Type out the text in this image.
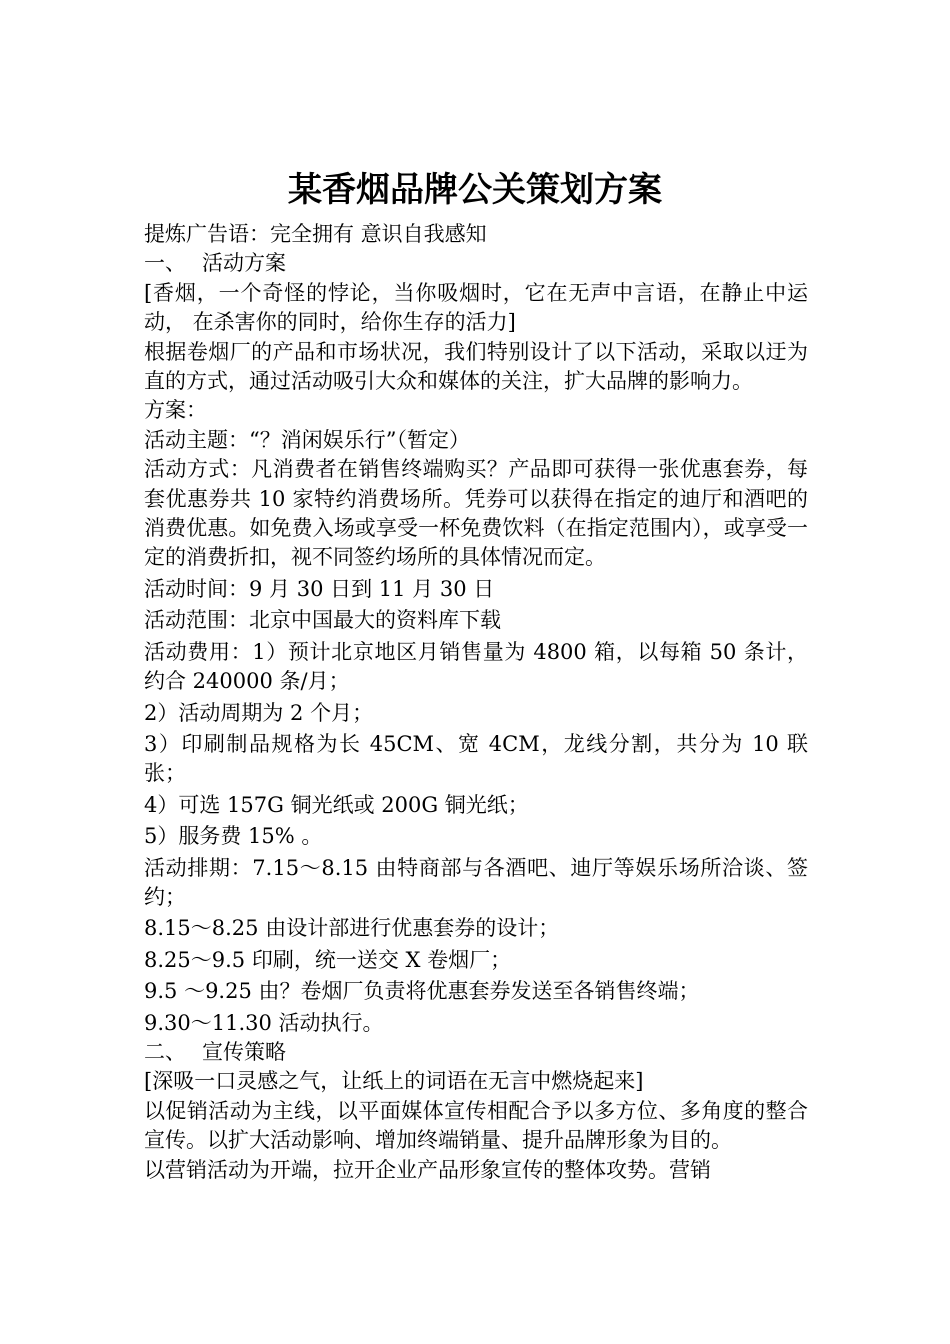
某香烟品牌公关策划方案

提炼广告语：完全拥有 意识自我感知

一、 活动方案

[香烟，一个奇怪的悖论，当你吸烟时，它在无声中言语，在静止中运动， 在杀害你的同时，给你生存的活力]

根据卷烟厂的产品和市场状况，我们特别设计了以下活动，采取以迂为直的方式，通过活动吸引大众和媒体的关注，扩大品牌的影响力。

方案：

活动主题：“？消闲娱乐行”（暂定）

活动方式：凡消费者在销售终端购买？产品即可获得一张优惠套券，每套优惠券共 10 家特约消费场所。凭券可以获得在指定的迪厅和酒吧的消费优惠。如免费入场或享受一杯免费饮料（在指定范围内），或享受一定的消费折扣，视不同签约场所的具体情况而定。

活动时间：9 月 30 日到 11 月 30 日

活动范围：北京中国最大的资料库下载

活动费用：1）预计北京地区月销售量为 4800 箱，以每箱 50 条计，约合 240000 条/月；

2）活动周期为 2 个月；

3）印刷制品规格为长 45CM、宽 4CM，龙线分割，共分为 10 联张；

4）可选 157G 铜光纸或 200G 铜光纸；

5）服务费 15% 。

活动排期：7.15～8.15 由特商部与各酒吧、迪厅等娱乐场所洽谈、签约；

8.15～8.25 由设计部进行优惠套券的设计；

8.25～9.5 印刷，统一送交 X 卷烟厂；

9.5 ～9.25 由？卷烟厂负责将优惠套券发送至各销售终端；

9.30～11.30 活动执行。

二、 宣传策略

[深吸一口灵感之气，让纸上的词语在无言中燃烧起来]

以促销活动为主线，以平面媒体宣传相配合予以多方位、多角度的整合宣传。以扩大活动影响、增加终端销量、提升品牌形象为目的。

以营销活动为开端，拉开企业产品形象宣传的整体攻势。营销
